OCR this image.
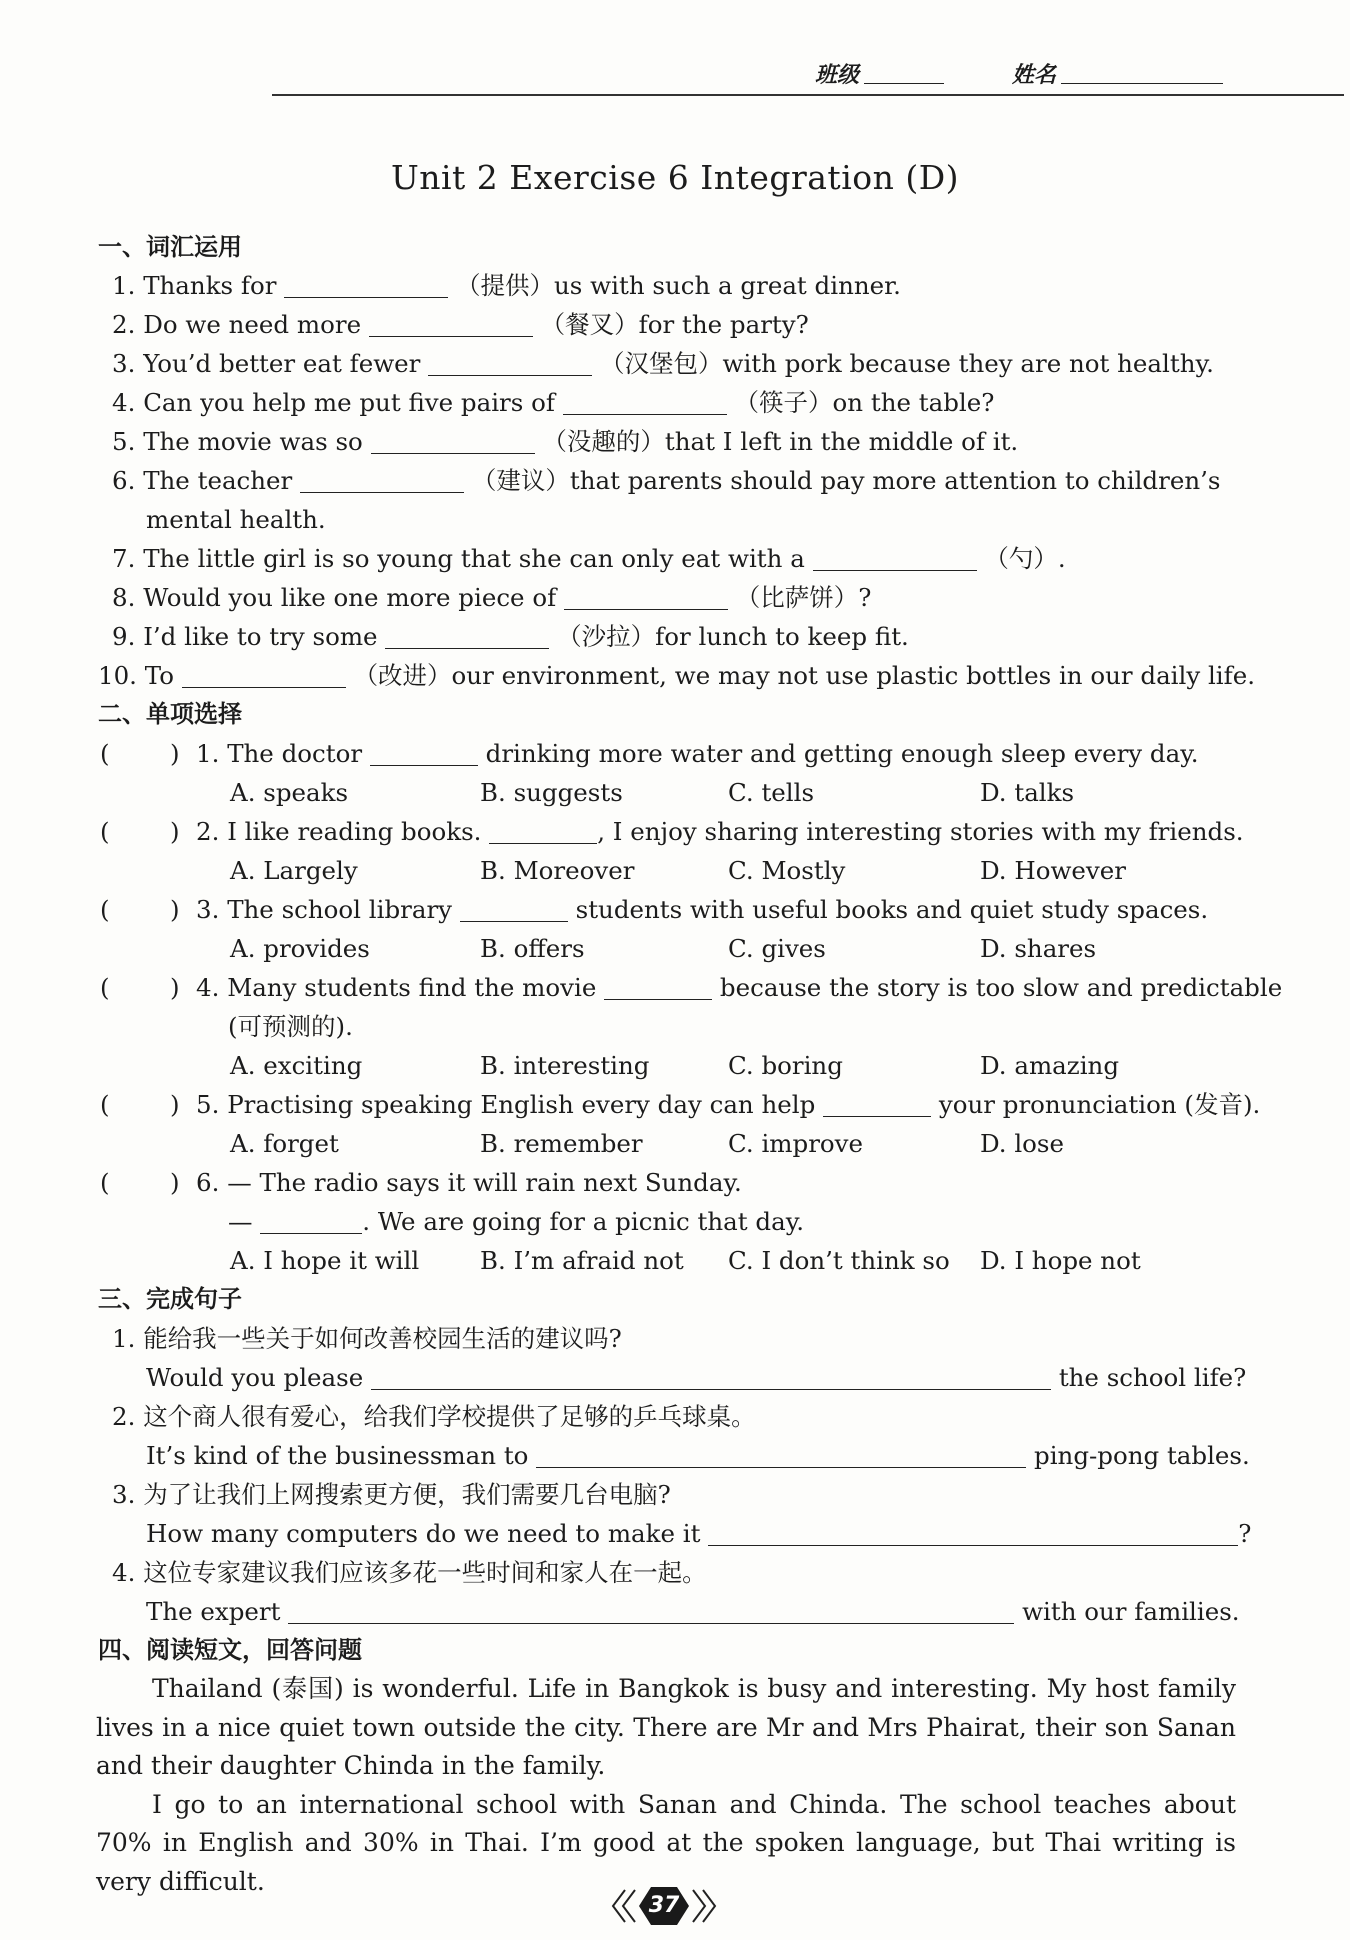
班级	姓名
Unit 2 Exercise 6 Integration (D)
一、词汇运用
1. Thanks for	（提供）us with such a great dinner.
2. Do we need more	（餐叉）for the party?
3. You’d better eat fewer	（汉堡包）with pork because they are not healthy.
4. Can you help me put five pairs of	（筷子）on the table?
5. The movie was so	（没趣的）that I left in the middle of it.
6. The teacher	（建议）that parents should pay more attention to children’s
mental health.
7. The little girl is so young that she can only eat with a	（勺）.
8. Would you like one more piece of	（比萨饼）?
9. I’d like to try some	（沙拉）for lunch to keep fit.
10. To	（改进）our environment, we may not use plastic bottles in our daily life.
二、单项选择
( ) 1. The doctor	drinking more water and getting enough sleep every day.
A. speaks	B. suggests	C. tells	D. talks
( ) 2. I like reading books.	, I enjoy sharing interesting stories with my friends.
A. Largely	B. Moreover	C. Mostly	D. However
( ) 3. The school library	students with useful books and quiet study spaces.
A. provides	B. offers	C. gives	D. shares
( ) 4. Many students find the movie	because the story is too slow and predictable
(可预测的).
A. exciting	B. interesting	C. boring	D. amazing
( ) 5. Practising speaking English every day can help	your pronunciation (发音).
A. forget	B. remember	C. improve	D. lose
( ) 6. — The radio says it will rain next Sunday.
—	. We are going for a picnic that day.
A. I hope it will B. I’m afraid not C. I don’t think so D. I hope not
三、完成句子
1. 能给我一些关于如何改善校园生活的建议吗?
Would you please	the school life?
2. 这个商人很有爱心，给我们学校提供了足够的乒乓球桌。
It’s kind of the businessman to	ping-pong tables.
3. 为了让我们上网搜索更方便，我们需要几台电脑?
How many computers do we need to make it	?
4. 这位专家建议我们应该多花一些时间和家人在一起。
The expert	with our families.
四、阅读短文，回答问题

Thailand (泰国) is wonderful. Life in Bangkok is busy and interesting. My host family lives in a nice quiet town outside the city. There are Mr and Mrs Phairat, their son Sanan and their daughter Chinda in the family.

I go to an international school with Sanan and Chinda. The school teaches about 70% in English and 30% in Thai. I’m good at the spoken language, but Thai writing is very difficult.

37
